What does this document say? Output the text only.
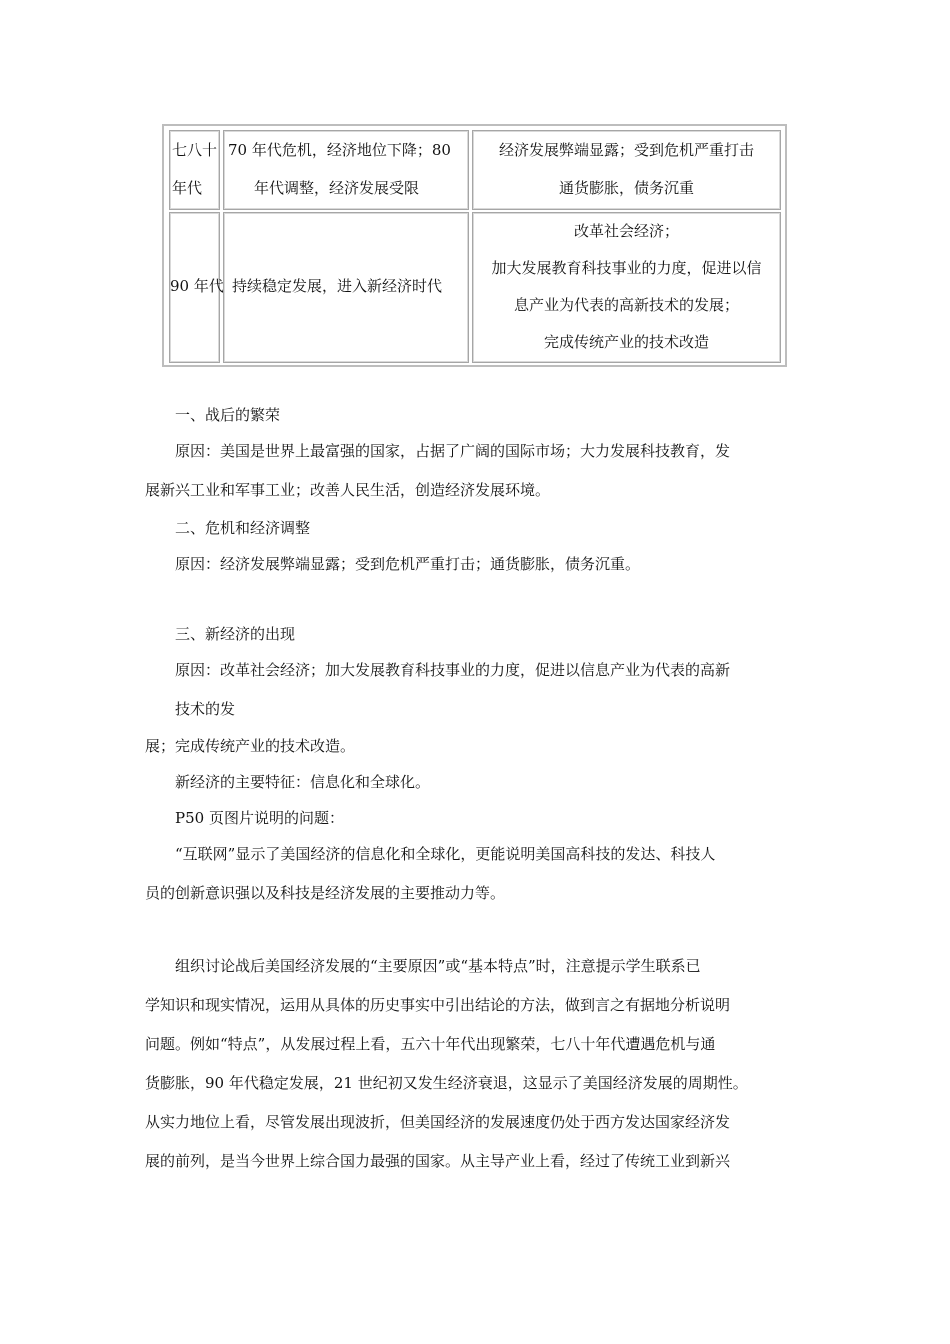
七八十
年代
70 年代危机，经济地位下降；80
年代调整，经济发展受限
经济发展弊端显露；受到危机严重打击
通货膨胀，债务沉重
90 年代 持续稳定发展，进入新经济时代
改革社会经济；
加大发展教育科技事业的力度，促进以信
息产业为代表的高新技术的发展；
完成传统产业的技术改造
一、战后的繁荣
原因：美国是世界上最富强的国家，占据了广阔的国际市场；大力发展科技教育，发
展新兴工业和军事工业；改善人民生活，创造经济发展环境。
二、危机和经济调整
原因：经济发展弊端显露；受到危机严重打击；通货膨胀，债务沉重。
三、新经济的出现
原因：改革社会经济；加大发展教育科技事业的力度，促进以信息产业为代表的高新
技术的发
展；完成传统产业的技术改造。
新经济的主要特征：信息化和全球化。
P50 页图片说明的问题：
“互联网”显示了美国经济的信息化和全球化，更能说明美国高科技的发达、科技人
员的创新意识强以及科技是经济发展的主要推动力等。
组织讨论战后美国经济发展的“主要原因”或“基本特点”时，注意提示学生联系已
学知识和现实情况，运用从具体的历史事实中引出结论的方法，做到言之有据地分析说明
问题。例如“特点”，从发展过程上看，五六十年代出现繁荣，七八十年代遭遇危机与通
货膨胀，90 年代稳定发展，21 世纪初又发生经济衰退，这显示了美国经济发展的周期性。
从实力地位上看，尽管发展出现波折，但美国经济的发展速度仍处于西方发达国家经济发
展的前列，是当今世界上综合国力最强的国家。从主导产业上看，经过了传统工业到新兴
